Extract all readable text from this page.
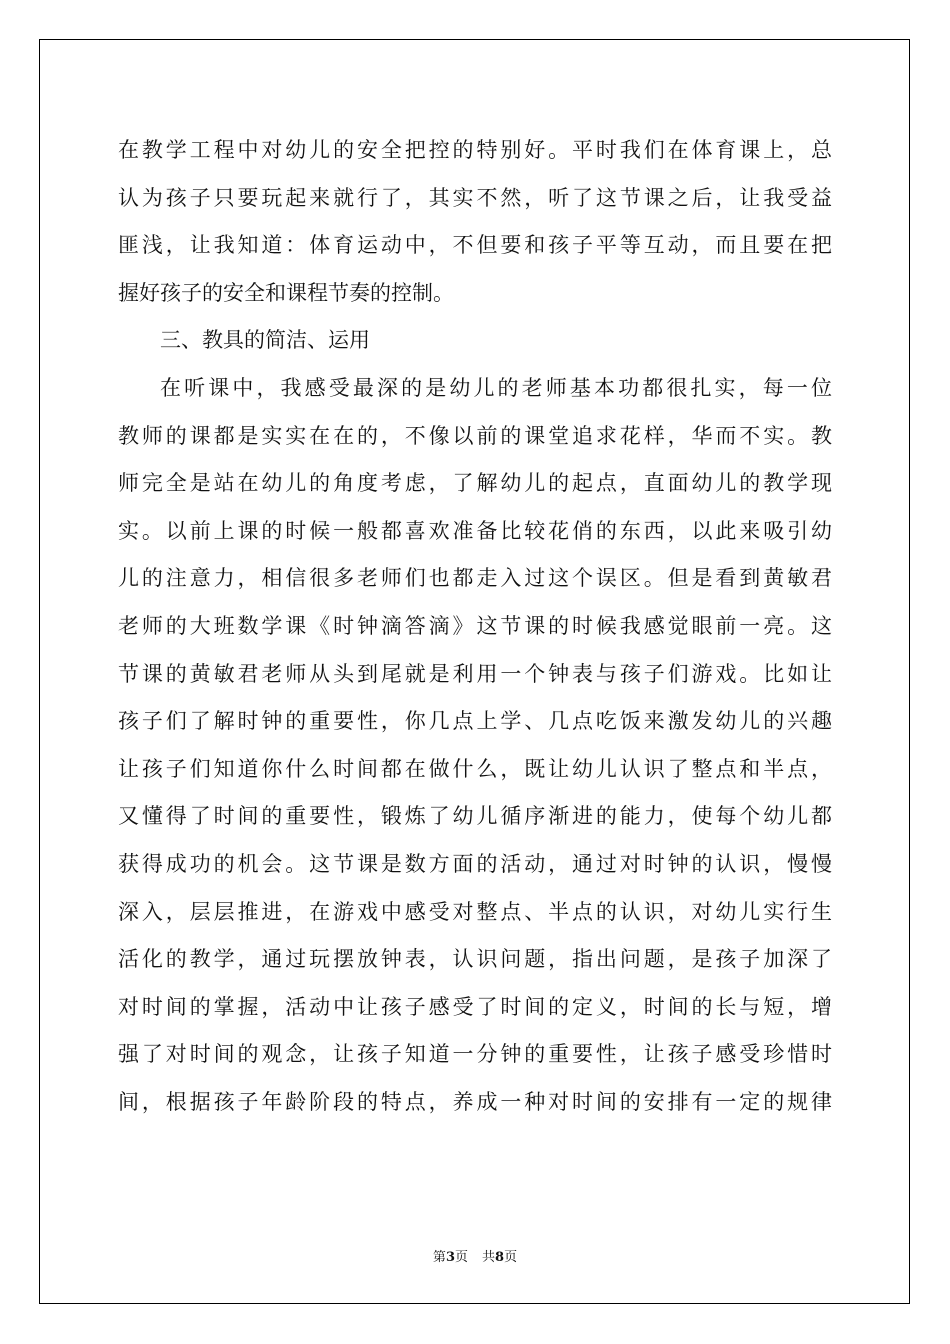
在教学工程中对幼儿的安全把控的特别好。平时我们在体育课上，总
认为孩子只要玩起来就行了，其实不然，听了这节课之后，让我受益
匪浅，让我知道：体育运动中，不但要和孩子平等互动，而且要在把
握好孩子的安全和课程节奏的控制。
三、教具的简洁、运用
在听课中，我感受最深的是幼儿的老师基本功都很扎实，每一位
教师的课都是实实在在的，不像以前的课堂追求花样，华而不实。教
师完全是站在幼儿的角度考虑，了解幼儿的起点，直面幼儿的教学现
实。以前上课的时候一般都喜欢准备比较花俏的东西，以此来吸引幼
儿的注意力，相信很多老师们也都走入过这个误区。但是看到黄敏君
老师的大班数学课《时钟滴答滴》这节课的时候我感觉眼前一亮。这
节课的黄敏君老师从头到尾就是利用一个钟表与孩子们游戏。比如让
孩子们了解时钟的重要性，你几点上学、几点吃饭来激发幼儿的兴趣
让孩子们知道你什么时间都在做什么，既让幼儿认识了整点和半点，
又懂得了时间的重要性，锻炼了幼儿循序渐进的能力，使每个幼儿都
获得成功的机会。这节课是数方面的活动，通过对时钟的认识，慢慢
深入，层层推进，在游戏中感受对整点、半点的认识，对幼儿实行生
活化的教学，通过玩摆放钟表，认识问题，指出问题，是孩子加深了
对时间的掌握，活动中让孩子感受了时间的定义，时间的长与短，增
强了对时间的观念，让孩子知道一分钟的重要性，让孩子感受珍惜时
间，根据孩子年龄阶段的特点，养成一种对时间的安排有一定的规律
第3页 共8页
